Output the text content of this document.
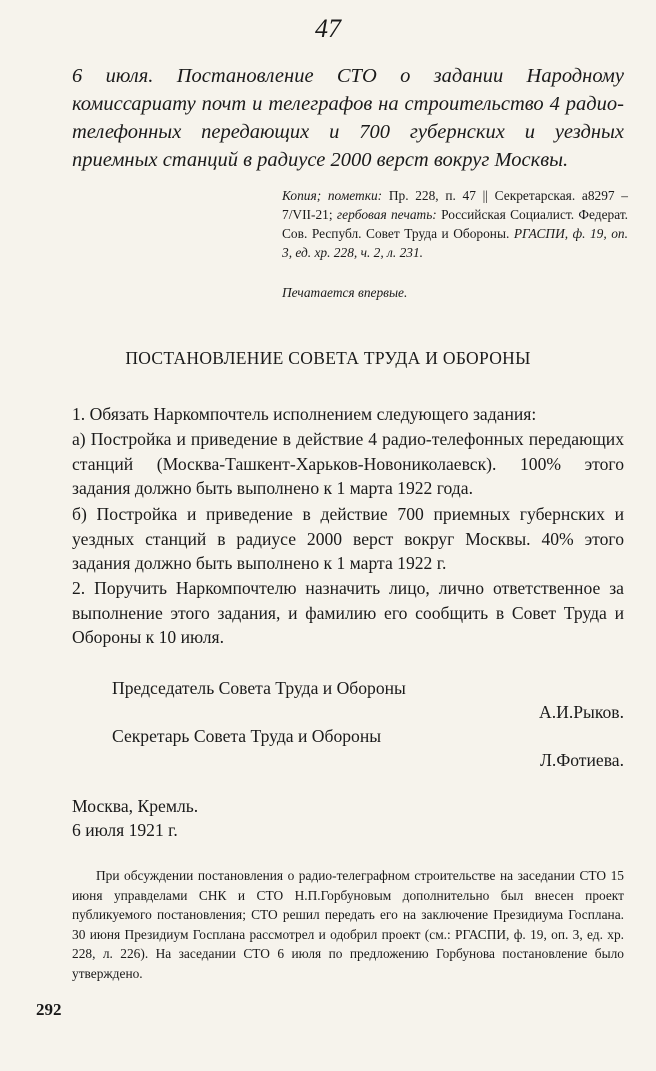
47
6 июля. Постановление СТО о задании Народному комиссариату почт и телеграфов на строительство 4 радио-телефонных передающих и 700 губернских и уездных приемных станций в радиусе 2000 верст вокруг Москвы.
Копия; пометки: Пр. 228, п. 47 || Секретарская. а8297 – 7/VII-21; гербовая печать: Российская Социалист. Федерат. Сов. Республ. Совет Труда и Обороны. РГАСПИ, ф. 19, оп. 3, ед. хр. 228, ч. 2, л. 231.
Печатается впервые.
ПОСТАНОВЛЕНИЕ СОВЕТА ТРУДА И ОБОРОНЫ
1. Обязать Наркомпочтель исполнением следующего задания:
а) Постройка и приведение в действие 4 радио-телефонных передающих станций (Москва-Ташкент-Харьков-Новониколаевск). 100% этого задания должно быть выполнено к 1 марта 1922 года.
б) Постройка и приведение в действие 700 приемных губернских и уездных станций в радиусе 2000 верст вокруг Москвы. 40% этого задания должно быть выполнено к 1 марта 1922 г.
2. Поручить Наркомпочтелю назначить лицо, лично ответственное за выполнение этого задания, и фамилию его сообщить в Совет Труда и Обороны к 10 июля.
Председатель Совета Труда и Обороны
А.И.Рыков.
Секретарь Совета Труда и Обороны
Л.Фотиева.
Москва, Кремль.
6 июля 1921 г.
При обсуждении постановления о радио-телеграфном строительстве на заседании СТО 15 июня управделами СНК и СТО Н.П.Горбуновым дополнительно был внесен проект публикуемого постановления; СТО решил передать его на заключение Президиума Госплана. 30 июня Президиум Госплана рассмотрел и одобрил проект (см.: РГАСПИ, ф. 19, оп. 3, ед. хр. 228, л. 226). На заседании СТО 6 июля по предложению Горбунова постановление было утверждено.
292
